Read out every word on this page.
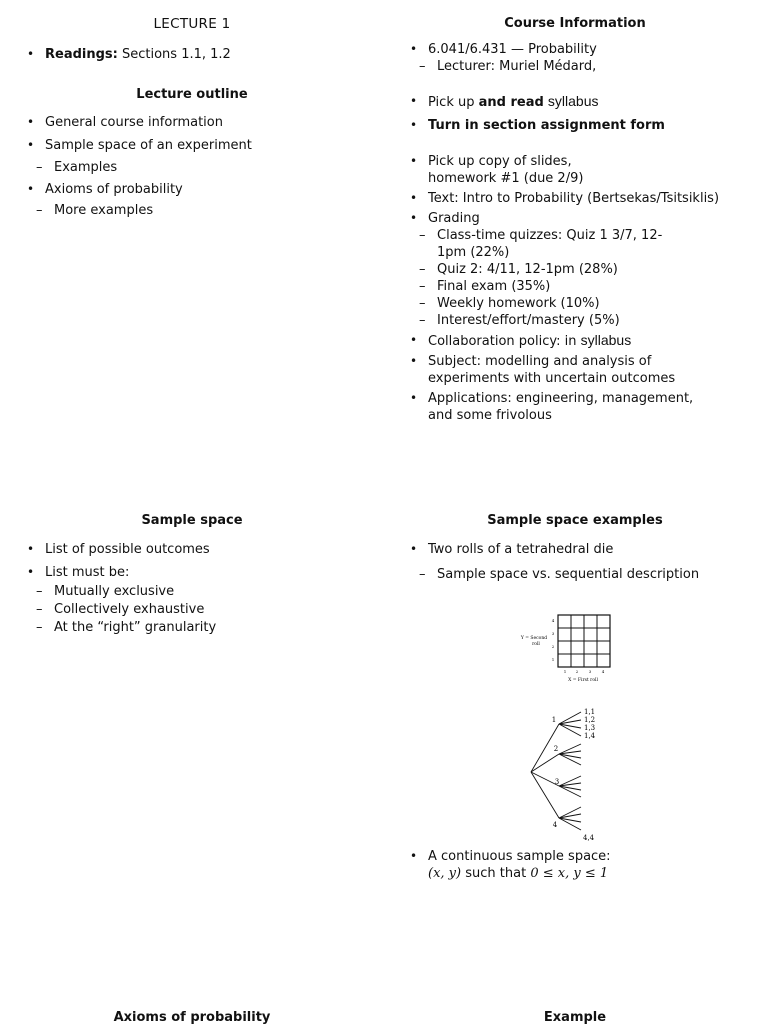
LECTURE 1
• Readings: Sections 1.1, 1.2
Lecture outline
• General course information
• Sample space of an experiment
– Examples
• Axioms of probability
– More examples
Course Information
• 6.041/6.431 — Probability
– Lecturer: Muriel Médard,
• Pick up and read syllabus
• Turn in section assignment form
• Pick up copy of slides,
homework #1 (due 2/9)
• Text: Intro to Probability (Bertsekas/Tsitsiklis)
• Grading
– Class-time quizzes: Quiz 1 3/7, 12-
1pm (22%)
– Quiz 2: 4/11, 12-1pm (28%)
– Final exam (35%)
– Weekly homework (10%)
– Interest/effort/mastery (5%)
• Collaboration policy: in syllabus
• Subject: modelling and analysis of
experiments with uncertain outcomes
• Applications: engineering, management,
and some frivolous
Sample space
• List of possible outcomes
• List must be:
– Mutually exclusive
– Collectively exhaustive
– At the “right” granularity
Sample space examples
• Two rolls of a tetrahedral die
– Sample space vs. sequential description
Y = Second
roll
4
3
2
1
1 2	3	4
X = First roll
1
2
3
4
1,1
1,2
1,3
1,4
4,4
• A continuous sample space:
(x, y) such that 0 ≤ x, y ≤ 1
Axioms of probability	Example
